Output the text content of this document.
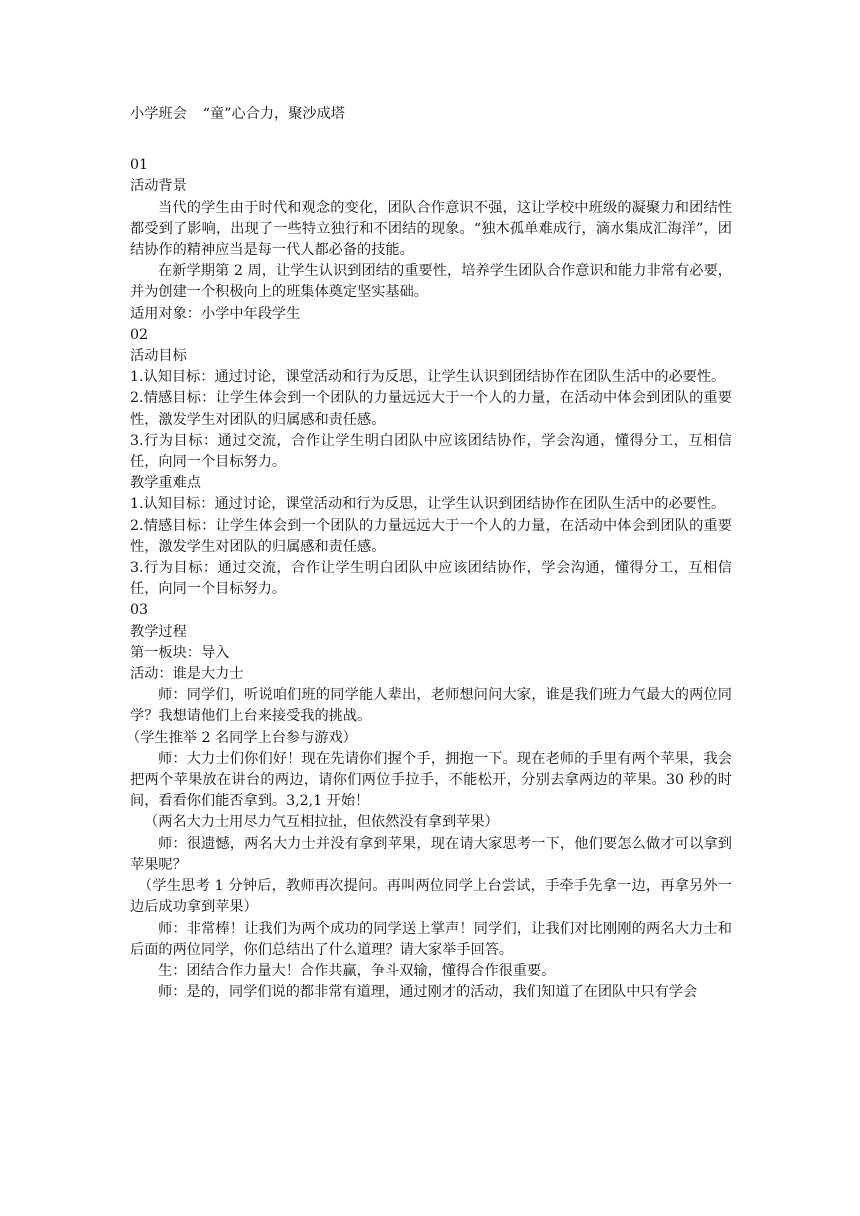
小学班会 “童”心合力，聚沙成塔

01

活动背景

当代的学生由于时代和观念的变化，团队合作意识不强，这让学校中班级的凝聚力和团结性都受到了影响，出现了一些特立独行和不团结的现象。“独木孤单难成行，滴水集成汇海洋”，团结协作的精神应当是每一代人都必备的技能。

在新学期第 2 周，让学生认识到团结的重要性，培养学生团队合作意识和能力非常有必要，并为创建一个积极向上的班集体奠定坚实基础。

适用对象：小学中年段学生

02

活动目标

1.认知目标：通过讨论，课堂活动和行为反思，让学生认识到团结协作在团队生活中的必要性。

2.情感目标：让学生体会到一个团队的力量远远大于一个人的力量，在活动中体会到团队的重要性，激发学生对团队的归属感和责任感。

3.行为目标：通过交流，合作让学生明白团队中应该团结协作，学会沟通，懂得分工，互相信任，向同一个目标努力。

教学重难点

1.认知目标：通过讨论，课堂活动和行为反思，让学生认识到团结协作在团队生活中的必要性。

2.情感目标：让学生体会到一个团队的力量远远大于一个人的力量，在活动中体会到团队的重要性，激发学生对团队的归属感和责任感。

3.行为目标：通过交流，合作让学生明白团队中应该团结协作，学会沟通，懂得分工，互相信任，向同一个目标努力。

03

教学过程

第一板块：导入

活动：谁是大力士

师：同学们，听说咱们班的同学能人辈出，老师想问问大家，谁是我们班力气最大的两位同学？我想请他们上台来接受我的挑战。

（学生推举 2 名同学上台参与游戏）

师：大力士们你们好！现在先请你们握个手，拥抱一下。现在老师的手里有两个苹果，我会把两个苹果放在讲台的两边，请你们两位手拉手，不能松开，分别去拿两边的苹果。30 秒的时间，看看你们能否拿到。3,2,1 开始！

（两名大力士用尽力气互相拉扯，但依然没有拿到苹果）

师：很遗憾，两名大力士并没有拿到苹果，现在请大家思考一下，他们要怎么做才可以拿到苹果呢？

（学生思考 1 分钟后，教师再次提问。再叫两位同学上台尝试，手牵手先拿一边，再拿另外一边后成功拿到苹果）

师：非常棒！让我们为两个成功的同学送上掌声！同学们，让我们对比刚刚的两名大力士和后面的两位同学，你们总结出了什么道理？请大家举手回答。

生：团结合作力量大！合作共赢，争斗双输，懂得合作很重要。

师：是的，同学们说的都非常有道理，通过刚才的活动，我们知道了在团队中只有学会
